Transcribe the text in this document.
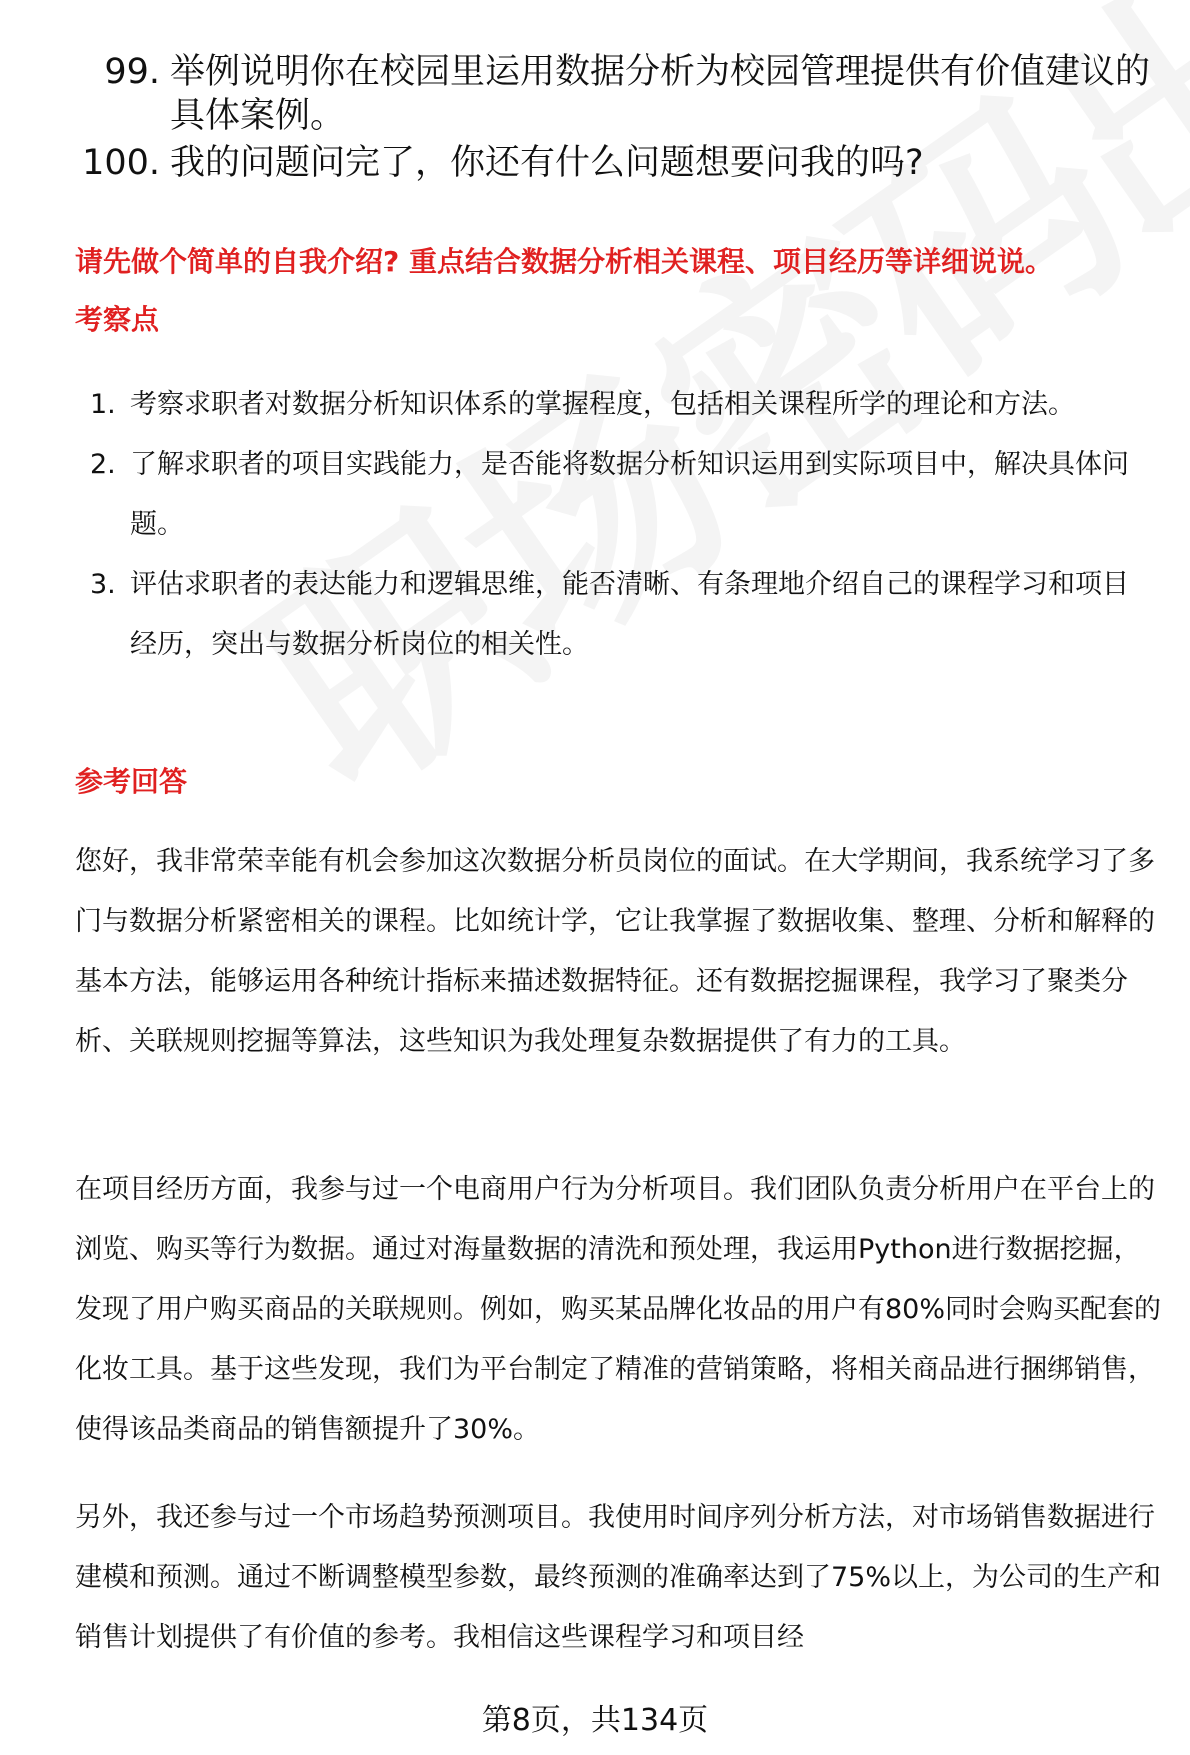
99. 举例说明你在校园里运用数据分析为校园管理提供有价值建议的具体案例。
100. 我的问题问完了，你还有什么问题想要问我的吗?
请先做个简单的自我介绍? 重点结合数据分析相关课程、项目经历等详细说说。
考察点
1. 考察求职者对数据分析知识体系的掌握程度，包括相关课程所学的理论和方法。
2. 了解求职者的项目实践能力，是否能将数据分析知识运用到实际项目中，解决具体问题。
3. 评估求职者的表达能力和逻辑思维，能否清晰、有条理地介绍自己的课程学习和项目经历，突出与数据分析岗位的相关性。
参考回答
您好，我非常荣幸能有机会参加这次数据分析员岗位的面试。在大学期间，我系统学习了多门与数据分析紧密相关的课程。比如统计学，它让我掌握了数据收集、整理、分析和解释的基本方法，能够运用各种统计指标来描述数据特征。还有数据挖掘课程，我学习了聚类分析、关联规则挖掘等算法，这些知识为我处理复杂数据提供了有力的工具。
在项目经历方面，我参与过一个电商用户行为分析项目。我们团队负责分析用户在平台上的浏览、购买等行为数据。通过对海量数据的清洗和预处理，我运用Python进行数据挖掘，发现了用户购买商品的关联规则。例如，购买某品牌化妆品的用户有80%同时会购买配套的化妆工具。基于这些发现，我们为平台制定了精准的营销策略，将相关商品进行捆绑销售，使得该品类商品的销售额提升了30%。
另外，我还参与过一个市场趋势预测项目。我使用时间序列分析方法，对市场销售数据进行建模和预测。通过不断调整模型参数，最终预测的准确率达到了75%以上，为公司的生产和销售计划提供了有价值的参考。我相信这些课程学习和项目经
第8页，共134页
